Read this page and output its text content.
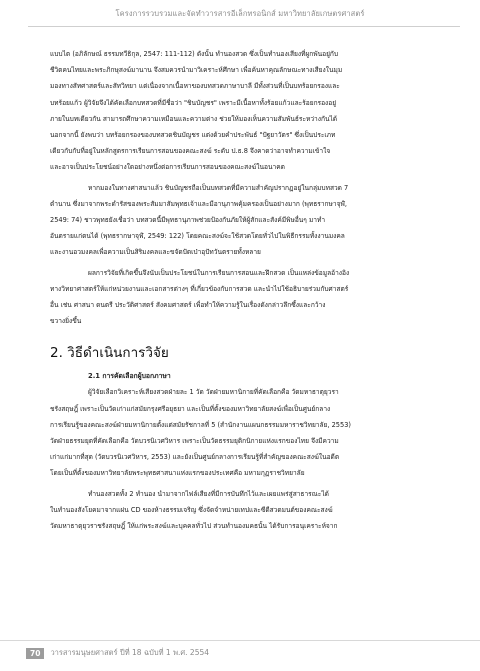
โครงการรวบรวมและจัดทำวารสารอีเล็กทรอนิกส์ มหาวิทยาลัยเกษตรศาสตร์

แบบไต (อภิลักษณ์ ธรรมทวีธิกุล, 2547: 111-112) ดังนั้น ทำนองสวด ซึ่งเป็นทำนองเสียงที่ผูกพันอยู่กับ
ชีวิตคนไทยและพระภิกษุสงฆ์มานาน จึงสมควรนำมาวิเคราะห์ศึกษา เพื่อค้นหาคุณลักษณะทางเสียงในมุม
มองทางสัทศาสตร์และสัทวิทยา แต่เนื่องจากเนื้อหาของบทสวดภาษาบาลี มีทั้งส่วนที่เป็นบทร้อยกรองและ
บทร้อยแก้ว ผู้วิจัยจึงได้คัดเลือกบทสวดที่มีชื่อว่า "ชินบัญชร" เพราะมีเนื้อหาทั้งร้อยแก้วและร้อยกรองอยู่
ภายในบทเดียวกัน สามารถศึกษาความเหมือนและความต่าง ช่วยให้มองเห็นความสัมพันธ์ระหว่างกันได้
นอกจากนี้ ยังพบว่า บทร้อยกรองของบทสวดชินบัญชร แต่งด้วยคำประพันธ์ "ปัฐยาวัตร" ซึ่งเป็นประเภท
เดียวกับกับที่อยู่ในหลักสูตรการเรียนการสอนของคณะสงฆ์ ระดับ ป.ธ.8 จึงคาดว่าอาจทำความเข้าใจ
และอาจเป็นประโยชน์อย่างใดอย่างหนึ่งต่อการเรียนการสอนของคณะสงฆ์ในอนาคต

หากมองในทางศาสนาแล้ว ชินบัญชรถือเป็นบทสวดที่มีความสำคัญปรากฏอยู่ในกลุ่มบทสวด 7
ตำนาน ซึ่งมาจากพระดำรัสของพระสัมมาสัมพุทธเจ้าและมีอานุภาพคุ้มครองเป็นอย่างมาก (พุทธรากษาจุฬ์,
2549: 74) ชาวพุทธยังเชื่อว่า บทสวดนี้มีพุทธานุภาพช่วยป้องกันภัยให้ผู้สักและสังค์มีพิษอื่นๆ มาทำ
อันตรายแก่ตนได้ (พุทธรากษาจุฬ์, 2549: 122) โดยคณะสงฆ์จะใช้สวดโดยทั่วไปในพิธีกรรมทั้งงานมงคล
และงานอวมงคลเพื่อความเป็นสิริมงคลและขจัดปัดเป่าอุปัทวันตรายทั้งหลาย

ผลการวิจัยที่เกิดขึ้นจึงนับเป็นประโยชน์ในการเรียนการสอนและฝึกสวด เป็นแหล่งข้อมูลอ้างอิง
ทางวิทยาศาสตร์ให้แก่หน่วยงานและเอกสารต่างๆ ที่เกี่ยวข้องกับการสวด และนำไปใช้อธิบายร่วมกับศาสตร์
อื่น เช่น ศาสนา ดนตรี ประวัติศาสตร์ สังคมศาสตร์ เพื่อทำให้ความรู้ในเรื่องดังกล่าวลึกซึ้งและกว้าง
ขวางยิ่งขึ้น

2. วิธีดำเนินการวิจัย
2.1 การคัดเลือกผู้บอกภาษา

ผู้วิจัยเลือกวิเคราะห์เสียงสวดฝ่ายละ 1 วัด วัดฝ่ายมหานิกายที่คัดเลือกคือ วัดมหาธาตุยุวรา
ชรังสฤษฎิ์ เพราะเป็นวัดเก่าแก่สมัยกรุงศรีอยุธยา และเป็นที่ตั้งของมหาวิทยาลัยสงฆ์เพื่อเป็นศูนย์กลาง
การเรียนรู้ของคณะสงฆ์ฝ่ายมหานิกายตั้งแต่สมัยรัชกาลที่ 5 (สำนักงานแผนกธรรมมหาราชวิทยาลัย, 2553)
วัดฝ่ายธรรมยุตที่คัดเลือกคือ วัดบวรนิเวศวิหาร เพราะเป็นวัดธรรมยุติกนิกายแห่งแรกของไทย จึงมีความ
เก่าแก่มากที่สุด (วัดบวรนิเวศวิหาร, 2553) และยังเป็นศูนย์กลางการเรียนรู้ที่สำคัญของคณะสงฆ์ในอดีต
โดยเป็นที่ตั้งของมหาวิทยาลัยพระพุทธศาสนาแห่งแรกของประเทศคือ มหามกุฏราชวิทยาลัย

ทำนองสวดทั้ง 2 ทำนอง นำมาจากไฟล์เสียงที่มีการบันทึกไว้และเผยแพร่สู่สาธารณะได้
ในทำนองสังโยคมาจากแผ่น CD ของห้างธรรมเจริญ ซึ่งจัดจำหน่ายเทปและซีดีสวดมนต์ของคณะสงฆ์
วัดมหาธาตุยุวราชรังสฤษฎิ์ ให้แก่พระสงฆ์และบุคคลทั่วไป ส่วนทำนองมคธนั้น ได้รับการอนุเคราะห์จาก

70	วารสารมนุษยศาสตร์ ปีที่ 18 ฉบับที่ 1 พ.ศ. 2554
